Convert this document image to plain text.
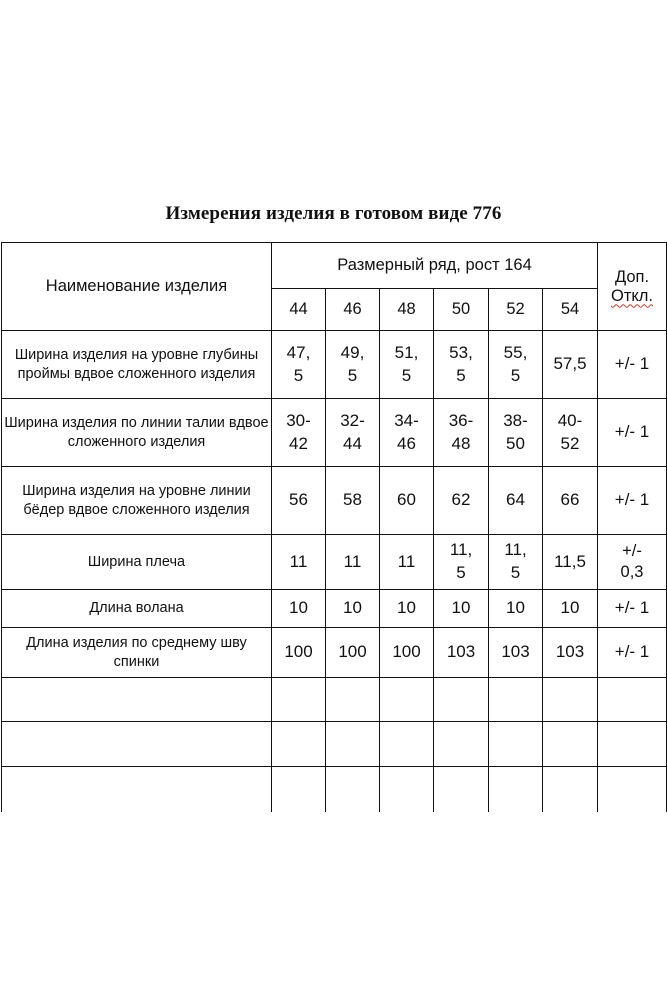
Измерения изделия в готовом виде 776
Наименование изделия	Размерный ряд, рост 164						Доп.
Откл.

	44	46	48	50	52	54	
Ширина изделия на уровне глубины проймы вдвое сложенного изделия	47,
5	49,
5	51,
5	53,
5	55,
5	57,5	+/- 1
Ширина изделия по линии талии вдвое сложенного изделия	30-
42	32-
44	34-
46	36-
48	38-
50	40-
52	+/- 1
Ширина изделия на уровне линии бёдер вдвое сложенного изделия	56	58	60	62	64	66	+/- 1
Ширина плеча	11	11	11	11,
5	11,
5	11,5	+/-
0,3
Длина волана	10	10	10	10	10	10	+/- 1
Длина изделия по среднему шву спинки	100	100	100	103	103	103	+/- 1
